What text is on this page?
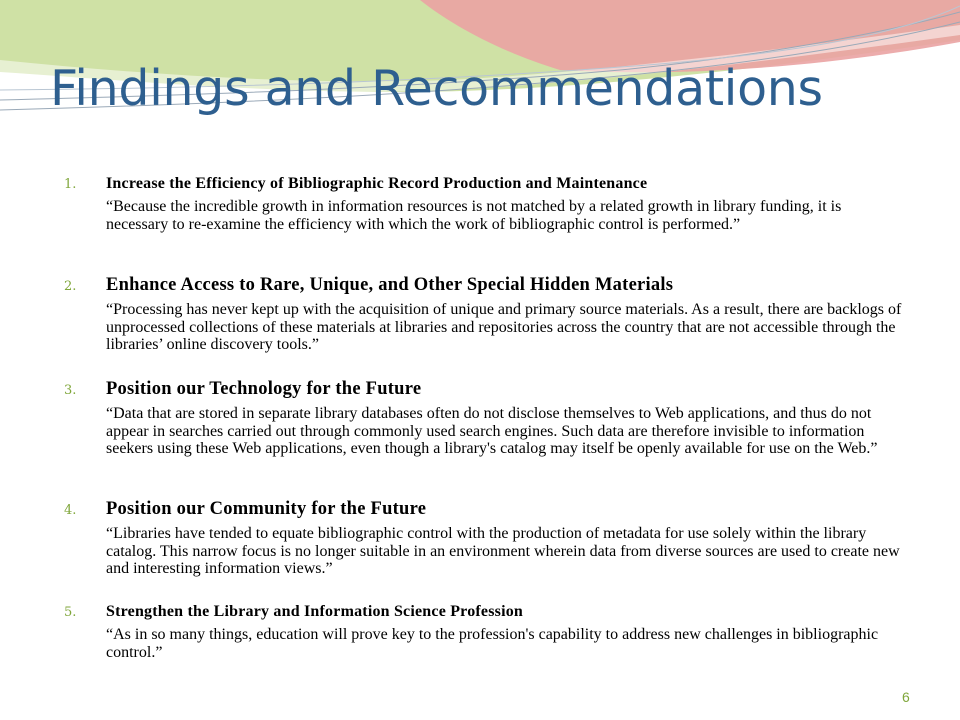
Findings and Recommendations
1. Increase the Efficiency of Bibliographic Record Production and Maintenance

“Because the incredible growth in information resources is not matched by a related growth in library funding, it is necessary to re-examine the efficiency with which the work of bibliographic control is performed.”

2. Enhance Access to Rare, Unique, and Other Special Hidden Materials

“Processing has never kept up with the acquisition of unique and primary source materials. As a result, there are backlogs of unprocessed collections of these materials at libraries and repositories across the country that are not accessible through the libraries’ online discovery tools.”

3. Position our Technology for the Future

“Data that are stored in separate library databases often do not disclose themselves to Web applications, and thus do not appear in searches carried out through commonly used search engines. Such data are therefore invisible to information seekers using these Web applications, even though a library's catalog may itself be openly available for use on the Web.”

4. Position our Community for the Future

“Libraries have tended to equate bibliographic control with the production of metadata for use solely within the library catalog. This narrow focus is no longer suitable in an environment wherein data from diverse sources are used to create new and interesting information views.”

5. Strengthen the Library and Information Science Profession

“As in so many things, education will prove key to the profession's capability to address new challenges in bibliographic control.”

6
